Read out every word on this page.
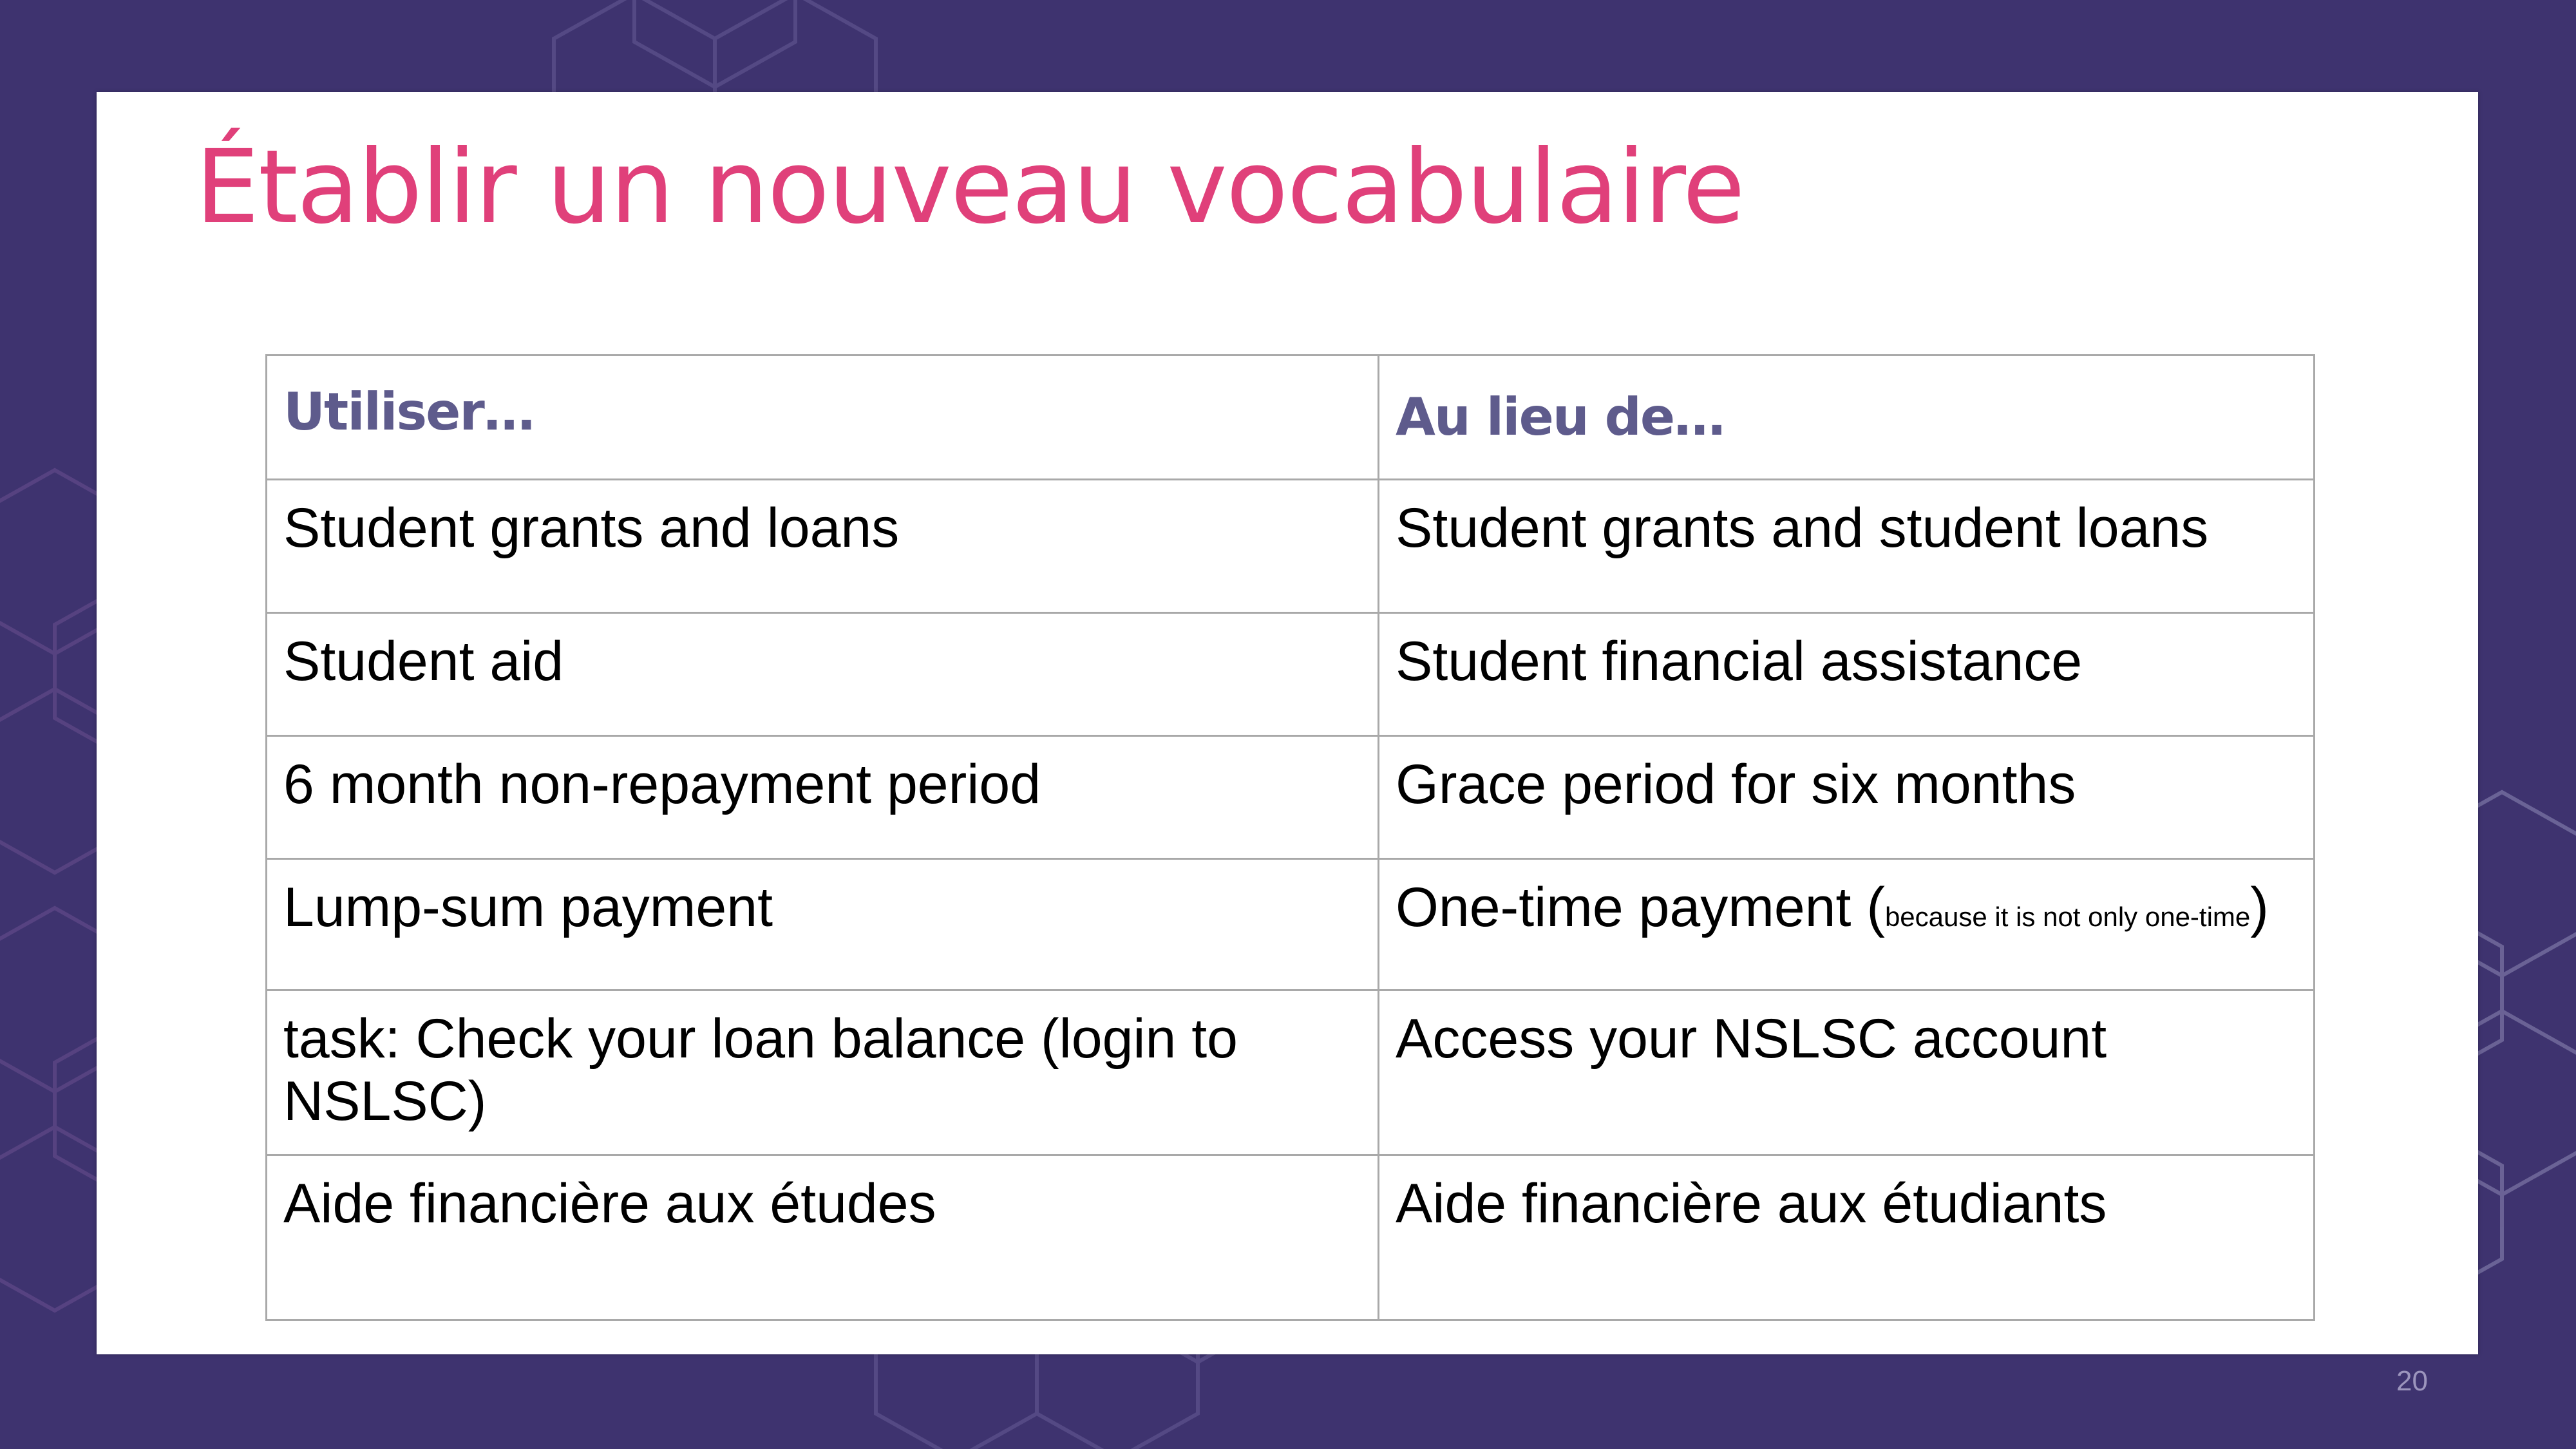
Établir un nouveau vocabulaire
Utiliser…	Au lieu de…
Student grants and loans	Student grants and student loans
Student aid	Student financial assistance
6 month non-repayment period	Grace period for six months
Lump-sum payment	One-time payment (because it is not only one-time)
task: Check your loan balance (login to NSLSC)	Access your NSLSC account
Aide financière aux études	Aide financière aux étudiants
20
